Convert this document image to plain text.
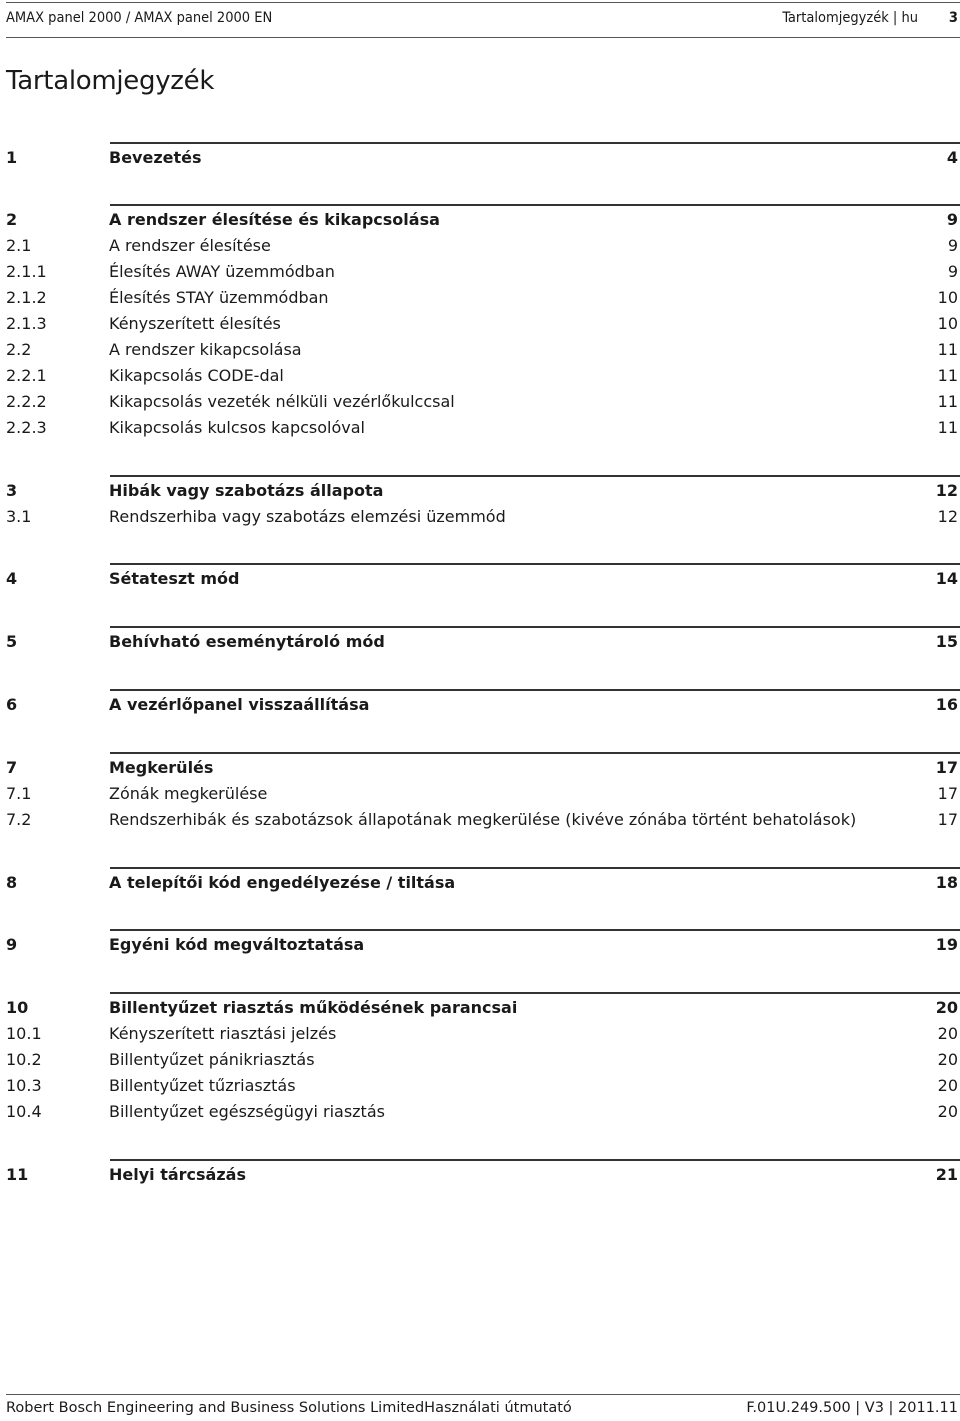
AMAX panel 2000 / AMAX panel 2000 EN	Tartalomjegyzék | hu 3
Tartalomjegyzék
1	Bevezetés	4
2	A rendszer élesítése és kikapcsolása	9
2.1	A rendszer élesítése	9
2.1.1	Élesítés AWAY üzemmódban	9
2.1.2	Élesítés STAY üzemmódban	10
2.1.3	Kényszerített élesítés	10
2.2	A rendszer kikapcsolása	11
2.2.1	Kikapcsolás CODE-dal	11
2.2.2	Kikapcsolás vezeték nélküli vezérlőkulccsal	11
2.2.3	Kikapcsolás kulcsos kapcsolóval	11
3	Hibák vagy szabotázs állapota	12
3.1	Rendszerhiba vagy szabotázs elemzési üzemmód	12
4	Sétateszt mód	14
5	Behívható eseménytároló mód	15
6	A vezérlőpanel visszaállítása	16
7	Megkerülés	17
7.1	Zónák megkerülése	17
7.2	Rendszerhibák és szabotázsok állapotának megkerülése (kivéve zónába történt behatolások)	17
8	A telepítői kód engedélyezése / tiltása	18
9	Egyéni kód megváltoztatása	19
10	Billentyűzet riasztás működésének parancsai	20
10.1	Kényszerített riasztási jelzés	20
10.2	Billentyűzet pánikriasztás	20
10.3	Billentyűzet tűzriasztás	20
10.4	Billentyűzet egészségügyi riasztás	20
11	Helyi tárcsázás	21
Robert Bosch Engineering and Business Solutions LimitedHasználati útmutató	F.01U.249.500 | V3 | 2011.11
